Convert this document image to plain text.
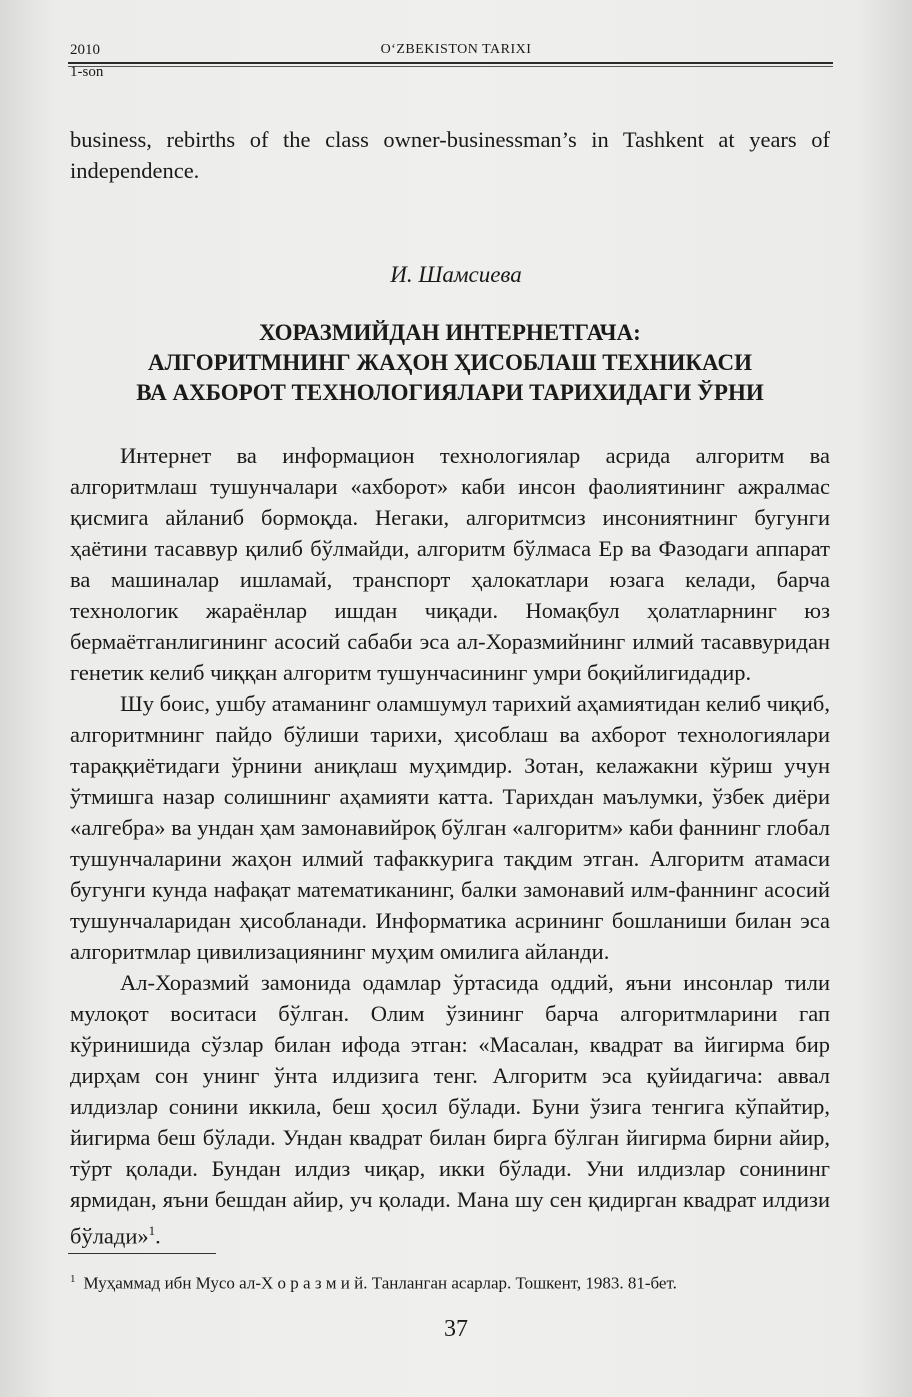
2010	O‘ZBEKISTON TARIXI
1-son
business, rebirths of the class owner-businessman’s in Tashkent at years of independence.
И. Шамсиева
ХОРАЗМИЙДАН ИНТЕРНЕТГАЧА:
АЛГОРИТМНИНГ ЖАҲОН ҲИСОБЛАШ ТЕХНИКАСИ
ВА АХБОРОТ ТЕХНОЛОГИЯЛАРИ ТАРИХИДАГИ ЎРНИ

Интернет ва информацион технологиялар асрида алгоритм ва алгоритмлаш тушунчалари «ахборот» каби инсон фаолиятининг ажралмас қисмига айланиб бормоқда. Негаки, алгоритмсиз инсониятнинг бугунги ҳаётини тасаввур қилиб бўлмайди, алгоритм бўлмаса Ер ва Фазодаги аппарат ва машиналар ишламай, транспорт ҳалокатлари юзага келади, барча технологик жараёнлар ишдан чиқади. Номақбул ҳолатларнинг юз бермаётганлигининг асосий сабаби эса ал-Хоразмийнинг илмий тасаввуридан генетик келиб чиққан алгоритм тушунчасининг умри боқийлигидадир.

Шу боис, ушбу атаманинг оламшумул тарихий аҳамиятидан келиб чиқиб, алгоритмнинг пайдо бўлиши тарихи, ҳисоблаш ва ахборот технологиялари тараққиётидаги ўрнини аниқлаш муҳимдир. Зотан, келажакни кўриш учун ўтмишга назар солишнинг аҳамияти катта. Тарихдан маълумки, ўзбек диёри «алгебра» ва ундан ҳам замонавийроқ бўлган «алгоритм» каби фаннинг глобал тушунчаларини жаҳон илмий тафаккурига тақдим этган. Алгоритм атамаси бугунги кунда нафақат математиканинг, балки замонавий илм-фаннинг асосий тушунчаларидан ҳисобланади. Информатика асрининг бошланиши билан эса алгоритмлар цивилизациянинг муҳим омилига айланди.

Ал-Хоразмий замонида одамлар ўртасида оддий, яъни инсонлар тили мулоқот воситаси бўлган. Олим ўзининг барча алгоритмларини гап кўринишида сўзлар билан ифода этган: «Масалан, квадрат ва йигирма бир дирҳам сон унинг ўнта илдизига тенг. Алгоритм эса қуйидагича: аввал илдизлар сонини иккила, беш ҳосил бўлади. Буни ўзига тенгига кўпайтир, йигирма беш бўлади. Ундан квадрат билан бирга бўлган йигирма бирни айир, тўрт қолади. Бундан илдиз чиқар, икки бўлади. Уни илдизлар сонининг ярмидан, яъни бешдан айир, уч қолади. Мана шу сен қидирган квадрат илдизи бўлади»$^1$.

$^1$ Муҳаммад ибн Мусо ал-Х о р а з м и й. Танланган асарлар. Тошкент, 1983. 81-бет.
37
